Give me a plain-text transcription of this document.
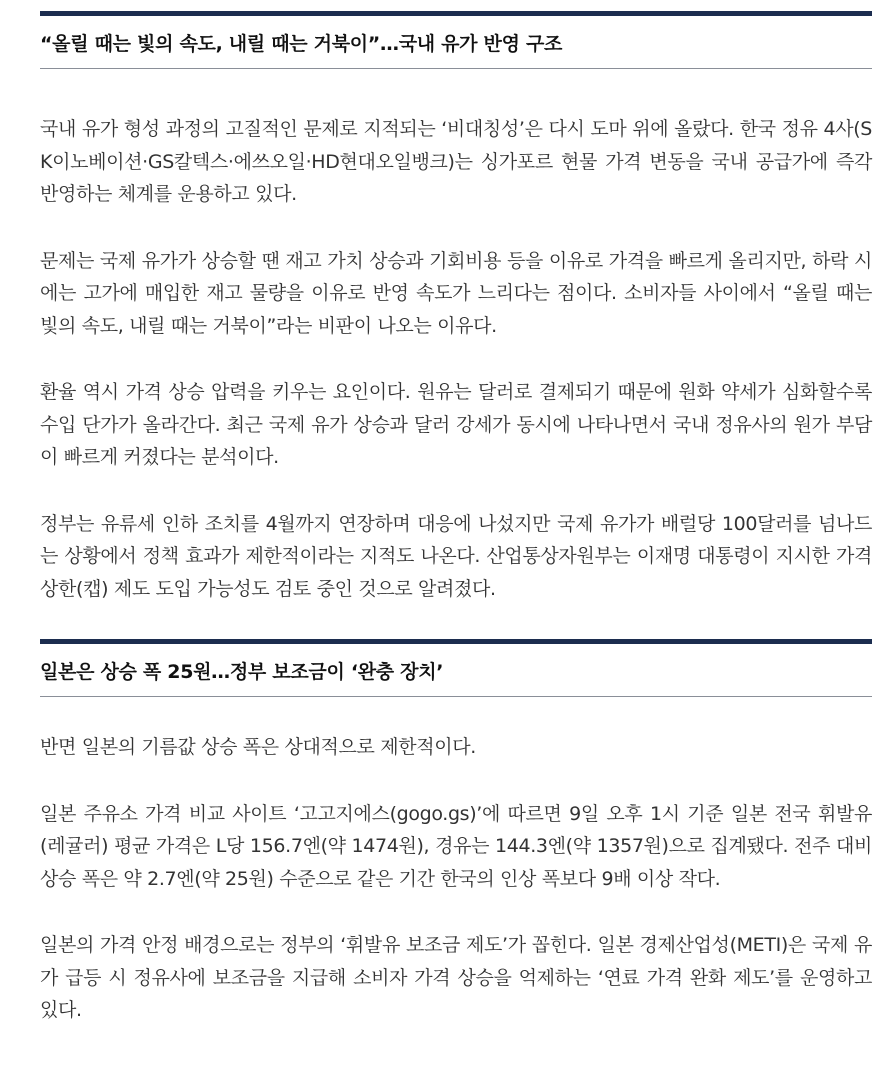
“올릴 때는 빛의 속도, 내릴 때는 거북이”…국내 유가 반영 구조

국내 유가 형성 과정의 고질적인 문제로 지적되는 ‘비대칭성’은 다시 도마 위에 올랐다. 한국 정유 4사(SK이노베이션·GS칼텍스·에쓰오일·HD현대오일뱅크)는 싱가포르 현물 가격 변동을 국내 공급가에 즉각 반영하는 체계를 운용하고 있다.

문제는 국제 유가가 상승할 땐 재고 가치 상승과 기회비용 등을 이유로 가격을 빠르게 올리지만, 하락 시에는 고가에 매입한 재고 물량을 이유로 반영 속도가 느리다는 점이다. 소비자들 사이에서 “올릴 때는 빛의 속도, 내릴 때는 거북이”라는 비판이 나오는 이유다.

환율 역시 가격 상승 압력을 키우는 요인이다. 원유는 달러로 결제되기 때문에 원화 약세가 심화할수록 수입 단가가 올라간다. 최근 국제 유가 상승과 달러 강세가 동시에 나타나면서 국내 정유사의 원가 부담이 빠르게 커졌다는 분석이다.

정부는 유류세 인하 조치를 4월까지 연장하며 대응에 나섰지만 국제 유가가 배럴당 100달러를 넘나드는 상황에서 정책 효과가 제한적이라는 지적도 나온다. 산업통상자원부는 이재명 대통령이 지시한 가격상한(캡) 제도 도입 가능성도 검토 중인 것으로 알려졌다.

일본은 상승 폭 25원…정부 보조금이 ‘완충 장치’

반면 일본의 기름값 상승 폭은 상대적으로 제한적이다.

일본 주유소 가격 비교 사이트 ‘고고지에스(gogo.gs)’에 따르면 9일 오후 1시 기준 일본 전국 휘발유(레귤러) 평균 가격은 L당 156.7엔(약 1474원), 경유는 144.3엔(약 1357원)으로 집계됐다. 전주 대비 상승 폭은 약 2.7엔(약 25원) 수준으로 같은 기간 한국의 인상 폭보다 9배 이상 작다.

일본의 가격 안정 배경으로는 정부의 ‘휘발유 보조금 제도’가 꼽힌다. 일본 경제산업성(METI)은 국제 유가 급등 시 정유사에 보조금을 지급해 소비자 가격 상승을 억제하는 ‘연료 가격 완화 제도’를 운영하고 있다.
